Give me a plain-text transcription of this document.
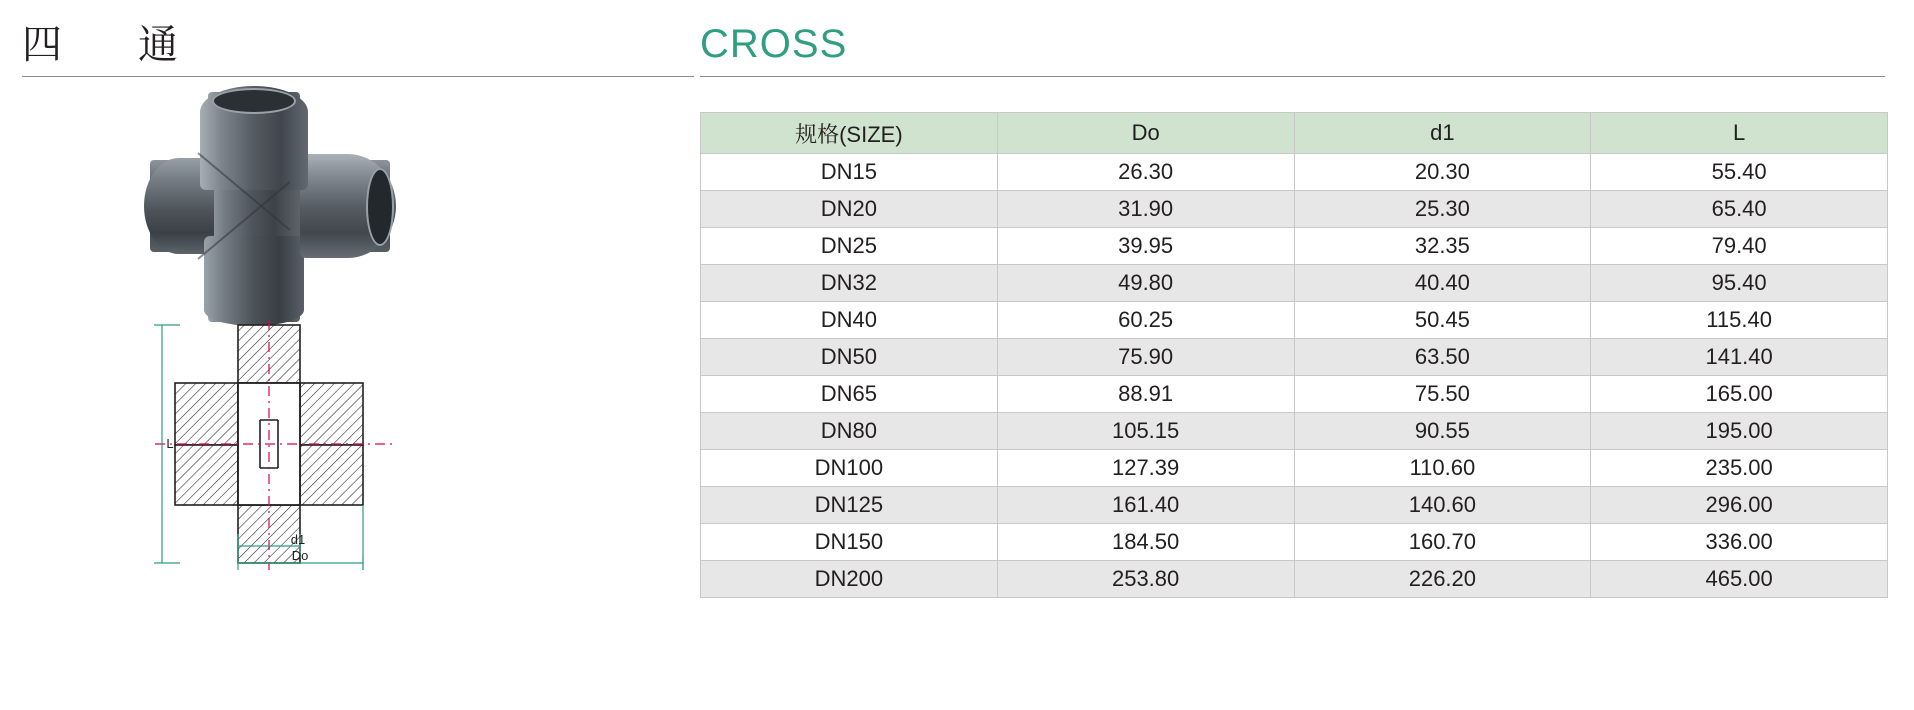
四　通
L
d1
Do
CROSS
规格(SIZE)	Do	d1	L
DN15	26.30	20.30	55.40
DN20	31.90	25.30	65.40
DN25	39.95	32.35	79.40
DN32	49.80	40.40	95.40
DN40	60.25	50.45	115.40
DN50	75.90	63.50	141.40
DN65	88.91	75.50	165.00
DN80	105.15	90.55	195.00
DN100	127.39	110.60	235.00
DN125	161.40	140.60	296.00
DN150	184.50	160.70	336.00
DN200	253.80	226.20	465.00
